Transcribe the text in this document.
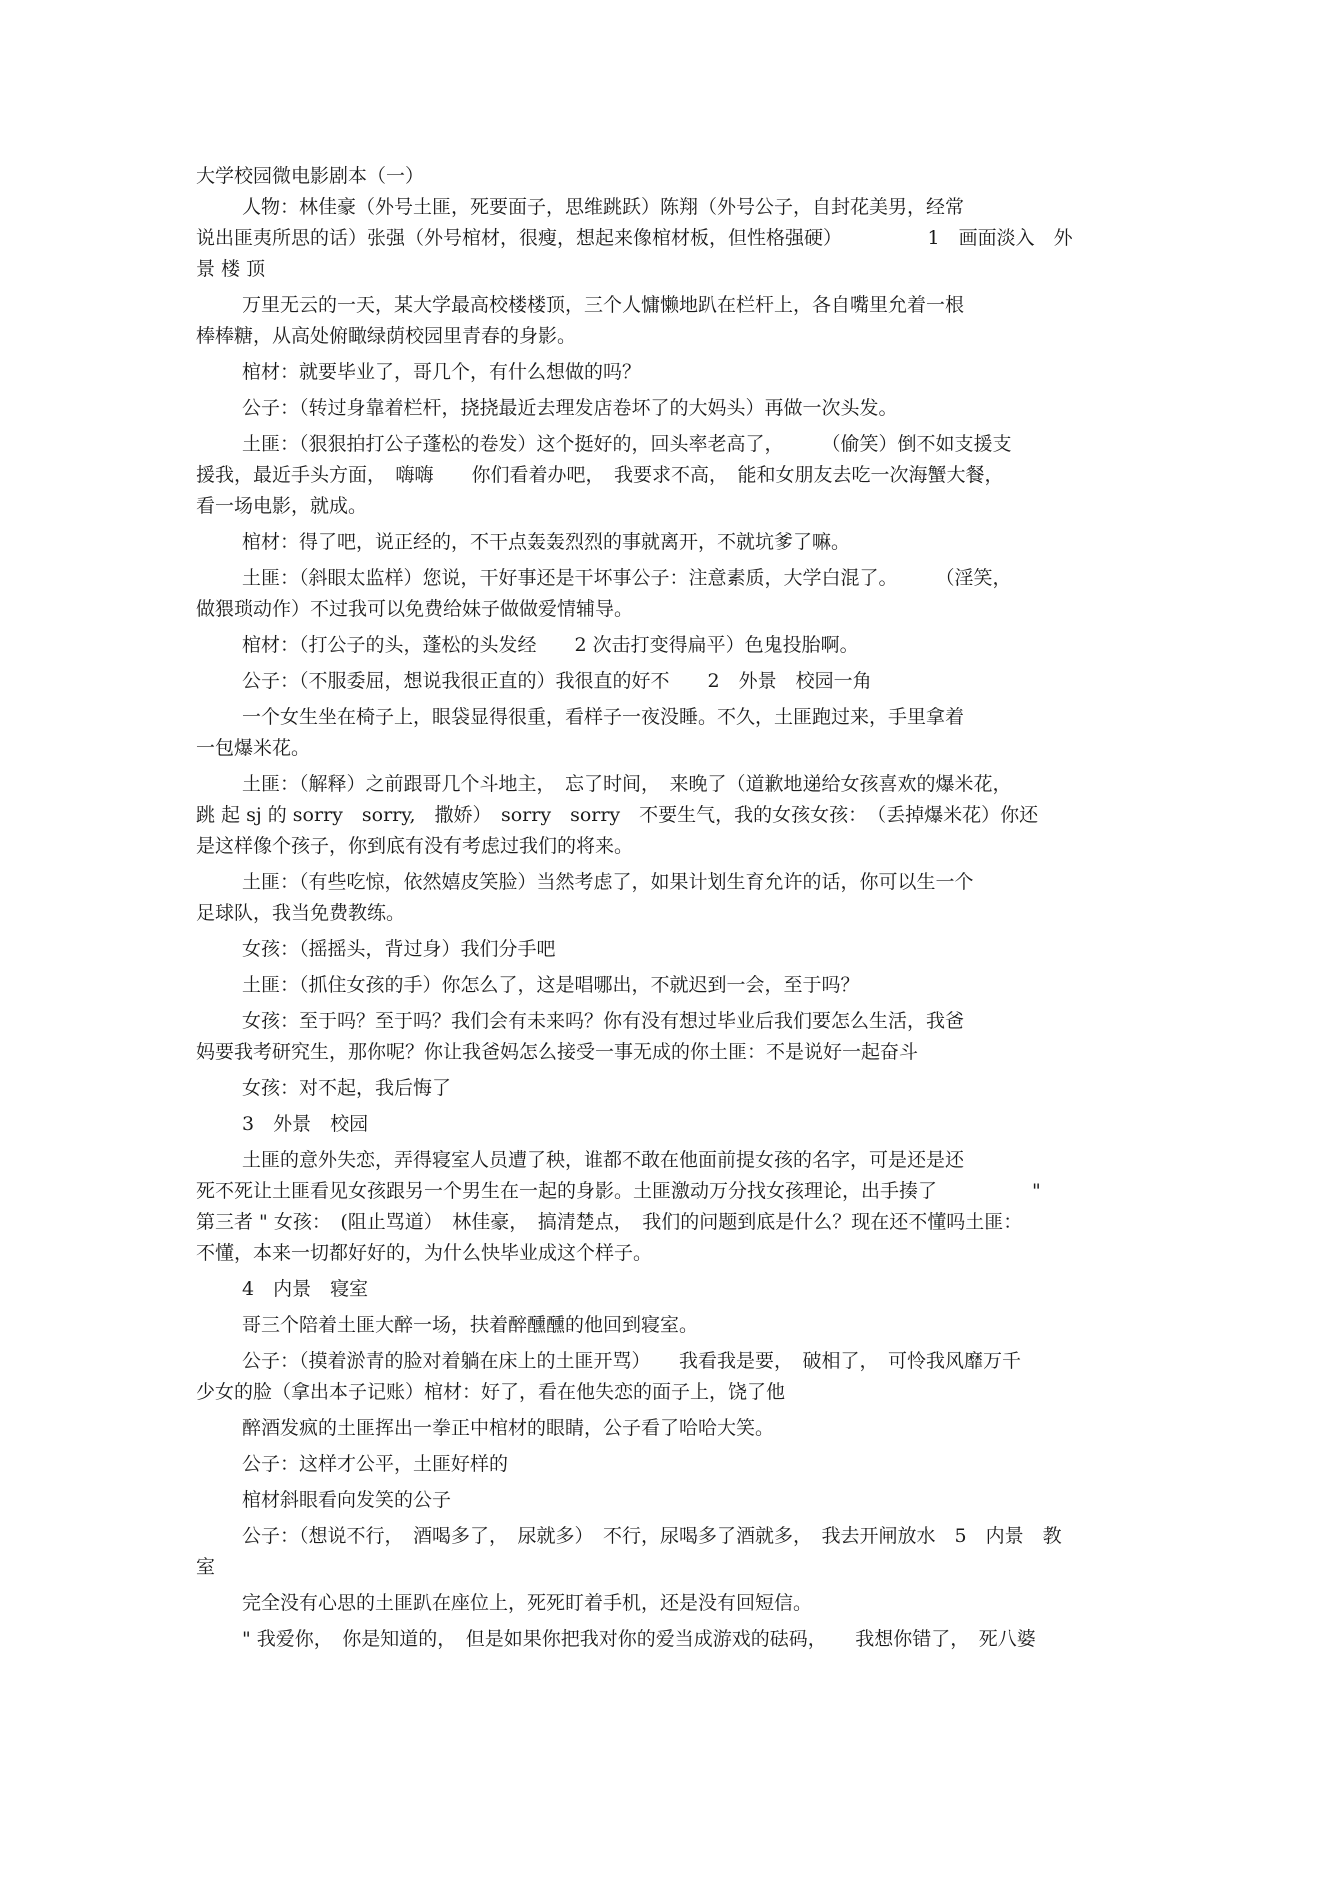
大学校园微电影剧本（一）
人物：林佳豪（外号土匪，死要面子，思维跳跃）陈翔（外号公子，自封花美男，经常
说出匪夷所思的话）张强（外号棺材，很瘦，想起来像棺材板，但性格强硬）　　　　　1　画面淡入　外
景 楼 顶
万里无云的一天，某大学最高校楼楼顶，三个人慵懒地趴在栏杆上，各自嘴里允着一根
棒棒糖，从高处俯瞰绿荫校园里青春的身影。
棺材：就要毕业了，哥几个，有什么想做的吗？
公子：（转过身靠着栏杆，挠挠最近去理发店卷坏了的大妈头）再做一次头发。
土匪：（狠狠拍打公子蓬松的卷发）这个挺好的，回头率老高了，　　　（偷笑）倒不如支援支
援我，最近手头方面，　嗨嗨　　你们看着办吧，　我要求不高，　能和女朋友去吃一次海蟹大餐，
看一场电影，就成。
棺材：得了吧，说正经的，不干点轰轰烈烈的事就离开，不就坑爹了嘛。
土匪：（斜眼太监样）您说，干好事还是干坏事公子：注意素质，大学白混了。　　　（淫笑，
做猥琐动作）不过我可以免费给妹子做做爱情辅导。
棺材：（打公子的头，蓬松的头发经　　2 次击打变得扁平）色鬼投胎啊。
公子：（不服委屈，想说我很正直的）我很直的好不　　2　外景　校园一角
一个女生坐在椅子上，眼袋显得很重，看样子一夜没睡。不久，土匪跑过来，手里拿着
一包爆米花。
土匪：（解释）之前跟哥几个斗地主，　忘了时间，　来晚了（道歉地递给女孩喜欢的爆米花，
跳 起 sj 的 sorry　sorry,　撒娇）　sorry　sorry　不要生气，我的女孩女孩：　（丢掉爆米花）你还
是这样像个孩子，你到底有没有考虑过我们的将来。
土匪：（有些吃惊，依然嬉皮笑脸）当然考虑了，如果计划生育允许的话，你可以生一个
足球队，我当免费教练。
女孩：（摇摇头，背过身）我们分手吧
土匪：（抓住女孩的手）你怎么了，这是唱哪出，不就迟到一会，至于吗？
女孩：至于吗？至于吗？我们会有未来吗？你有没有想过毕业后我们要怎么生活，我爸
妈要我考研究生，那你呢？你让我爸妈怎么接受一事无成的你土匪：不是说好一起奋斗
女孩：对不起，我后悔了
3　外景　校园
土匪的意外失恋，弄得寝室人员遭了秧，谁都不敢在他面前提女孩的名字，可是还是还
死不死让土匪看见女孩跟另一个男生在一起的身影。土匪激动万分找女孩理论，出手揍了　　　　　"
第三者 " 女孩：　(阻止骂道）　林佳豪，　搞清楚点，　我们的问题到底是什么？现在还不懂吗土匪：
不懂，本来一切都好好的，为什么快毕业成这个样子。
4　内景　寝室
哥三个陪着土匪大醉一场，扶着醉醺醺的他回到寝室。
公子：（摸着淤青的脸对着躺在床上的土匪开骂）　　我看我是要，　破相了，　可怜我风靡万千
少女的脸（拿出本子记账）棺材：好了，看在他失恋的面子上，饶了他
醉酒发疯的土匪挥出一拳正中棺材的眼睛，公子看了哈哈大笑。
公子：这样才公平，土匪好样的
棺材斜眼看向发笑的公子
公子：（想说不行，　酒喝多了，　尿就多）　不行，尿喝多了酒就多，　我去开闸放水　5　内景　教
室
完全没有心思的土匪趴在座位上，死死盯着手机，还是没有回短信。
" 我爱你，　你是知道的，　但是如果你把我对你的爱当成游戏的砝码，　　我想你错了，　死八婆
